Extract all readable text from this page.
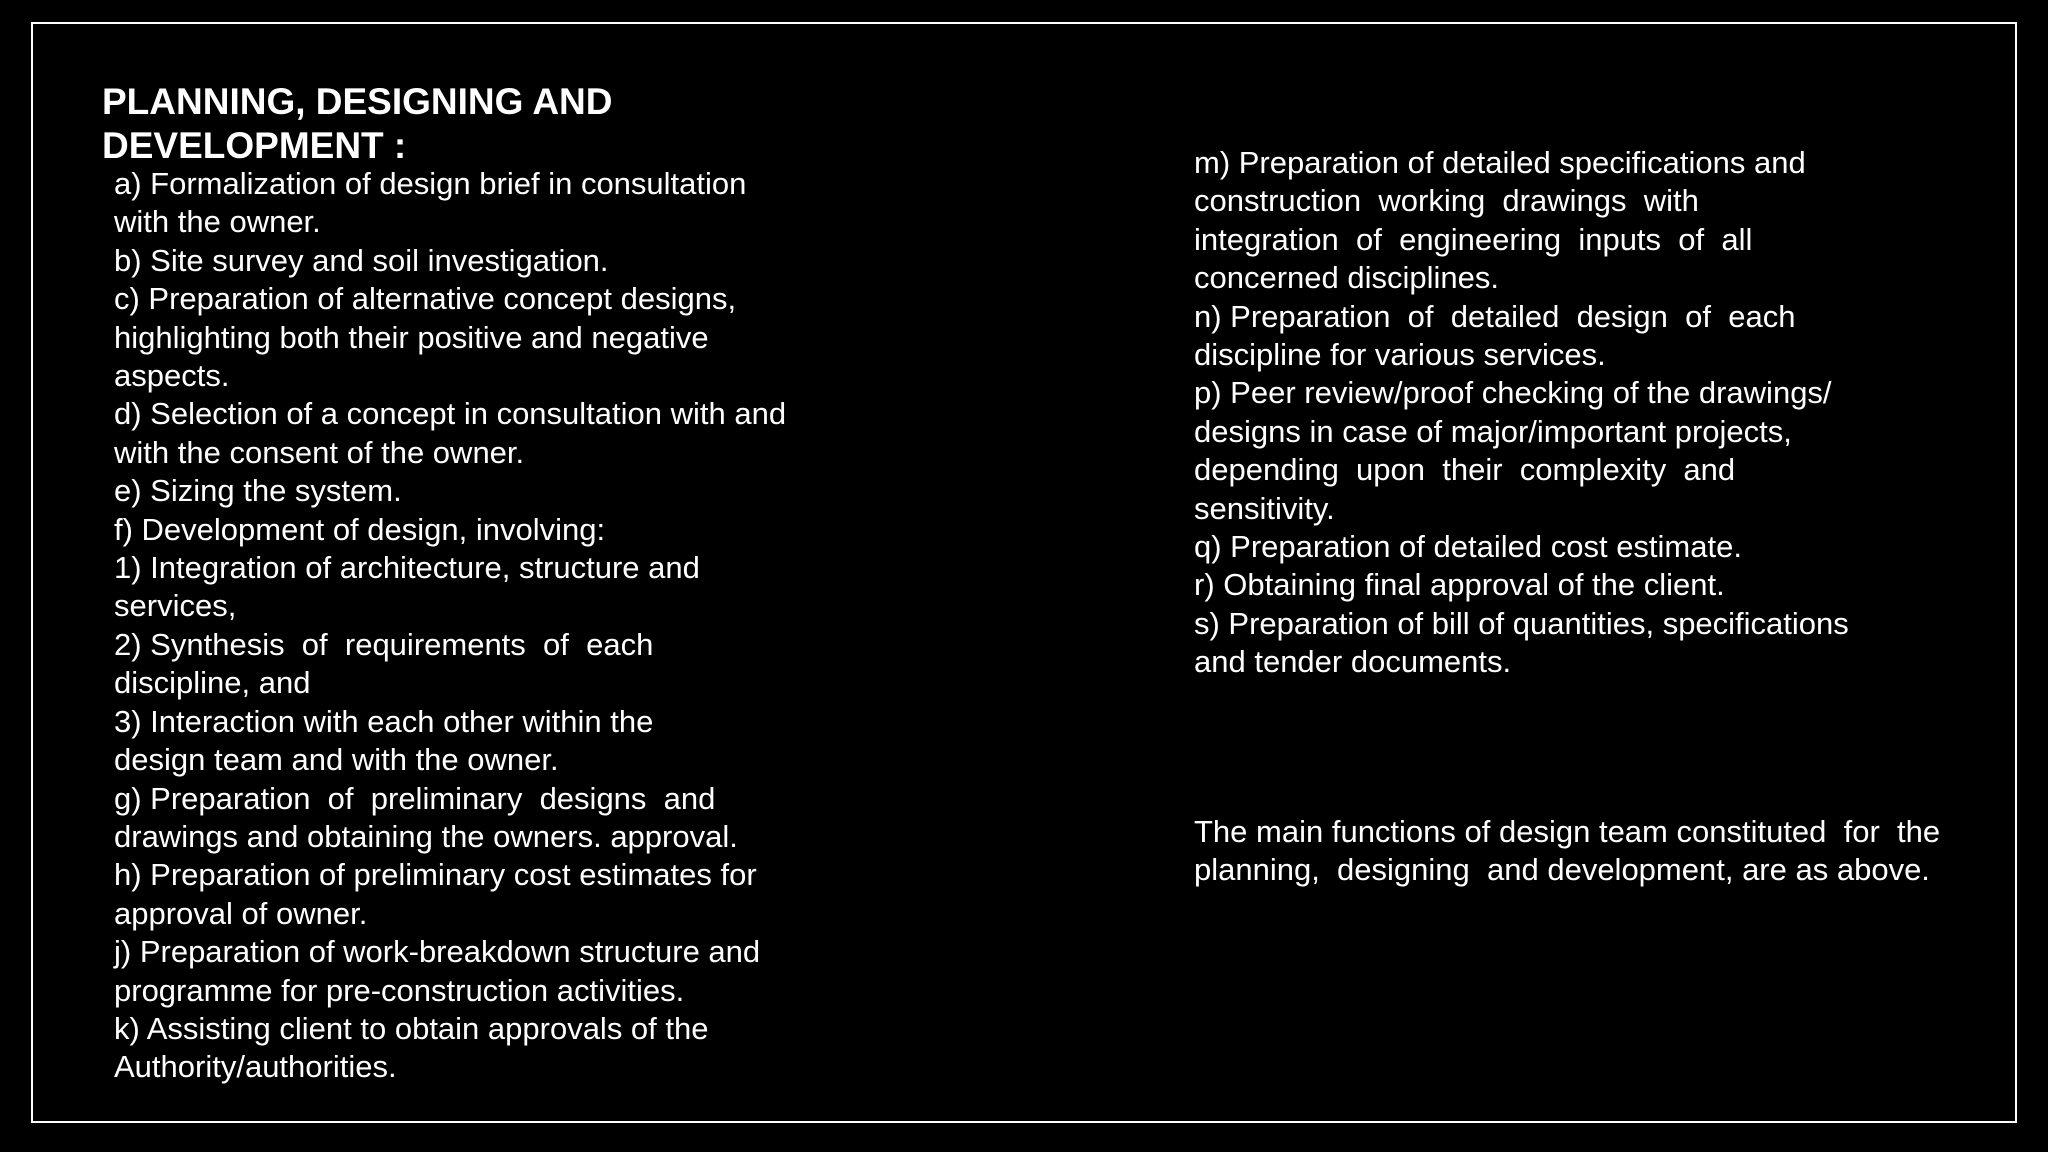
PLANNING, DESIGNING AND
DEVELOPMENT :
a) Formalization of design brief in consultation
with the owner.
b) Site survey and soil investigation.
c) Preparation of alternative concept designs,
highlighting both their positive and negative
aspects.
d) Selection of a concept in consultation with and
with the consent of the owner.
e) Sizing the system.
f) Development of design, involving:
1) Integration of architecture, structure and
services,
2) Synthesis  of  requirements  of  each
discipline, and
3) Interaction with each other within the
design team and with the owner.
g) Preparation  of  preliminary  designs  and
drawings and obtaining the owners. approval.
h) Preparation of preliminary cost estimates for
approval of owner.
j) Preparation of work-breakdown structure and
programme for pre-construction activities.
k) Assisting client to obtain approvals of the
Authority/authorities.
m) Preparation of detailed specifications and
construction  working  drawings  with
integration  of  engineering  inputs  of  all
concerned disciplines.
n) Preparation  of  detailed  design  of  each
discipline for various services.
p) Peer review/proof checking of the drawings/
designs in case of major/important projects,
depending  upon  their  complexity  and
sensitivity.
q) Preparation of detailed cost estimate.
r) Obtaining final approval of the client.
s) Preparation of bill of quantities, specifications
and tender documents.
The main functions of design team constituted  for  the
planning,  designing  and development, are as above.
